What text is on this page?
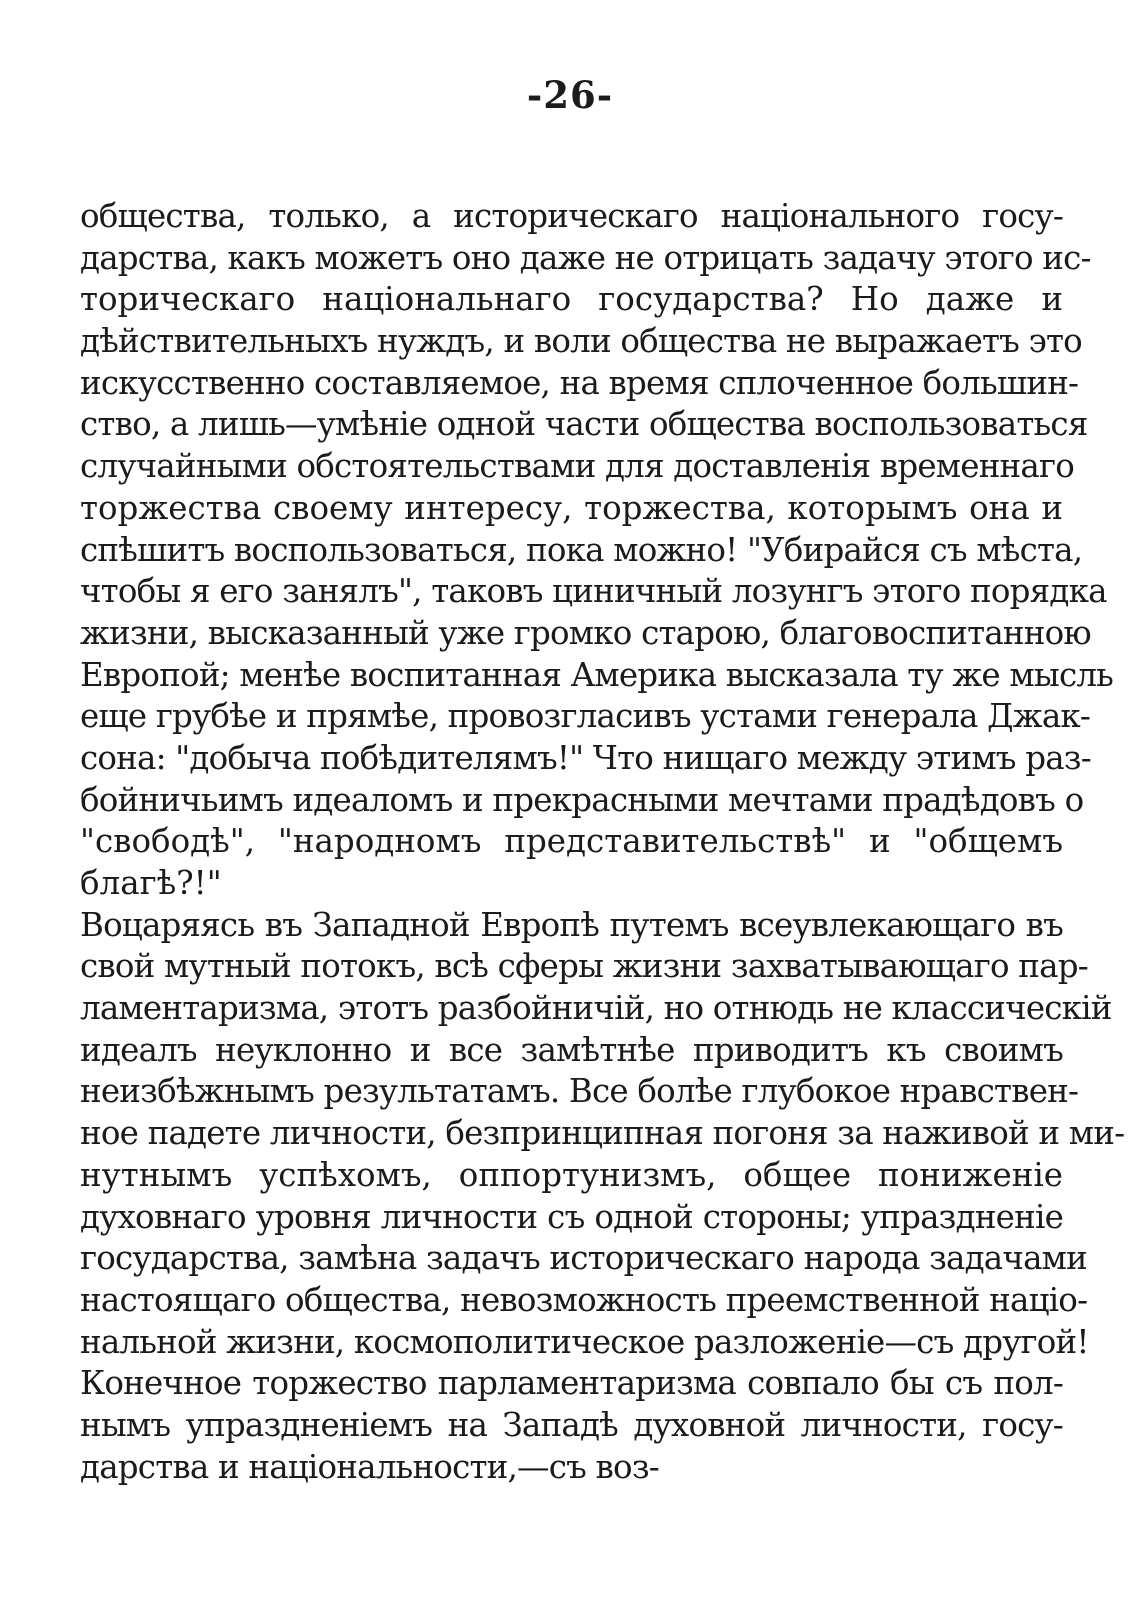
-26-
общества, только, а историческаго національного госу-
дарства, какъ можетъ оно даже не отрицать задачу этого ис-
торическаго національнаго государства? Но даже и
дѣйствительныхъ нуждъ, и воли общества не выражаетъ это
искусственно составляемое, на время сплоченное большин-
ство, а лишь—умѣніе одной части общества воспользоваться
случайными обстоятельствами для доставленія временнаго
торжества своему интересу, торжества, которымъ она и
спѣшитъ воспользоваться, пока можно! "Убирайся съ мѣста,
чтобы я его занялъ", таковъ циничный лозунгъ этого порядка
жизни, высказанный уже громко старою, благовоспитанною
Европой; менѣе воспитанная Америка высказала ту же мысль
еще грубѣе и прямѣе, провозгласивъ устами генерала Джак-
сона: "добыча побѣдителямъ!" Что нищаго между этимъ раз-
бойничьимъ идеаломъ и прекрасными мечтами прадѣдовъ о
"свободѣ", "народномъ представительствѣ" и "общемъ
благѣ?!"
Воцаряясь въ Западной Европѣ путемъ всеувлекающаго въ
свой мутный потокъ, всѣ сферы жизни захватывающаго пар-
ламентаризма, этотъ разбойничій, но отнюдь не классическій
идеалъ неуклонно и все замѣтнѣе приводитъ къ своимъ
неизбѣжнымъ результатамъ. Все болѣе глубокое нравствен-
ное падете личности, безпринципная погоня за наживой и ми-
нутнымъ успѣхомъ, оппортунизмъ, общее пониженіе
духовнаго уровня личности съ одной стороны; упраздненіе
государства, замѣна задачъ историческаго народа задачами
настоящаго общества, невозможность преемственной націо-
нальной жизни, космополитическое разложеніе—съ другой!
Конечное торжество парламентаризма совпало бы съ пол-
нымъ упраздненіемъ на Западѣ духовной личности, госу-
дарства и національности,—съ воз-
